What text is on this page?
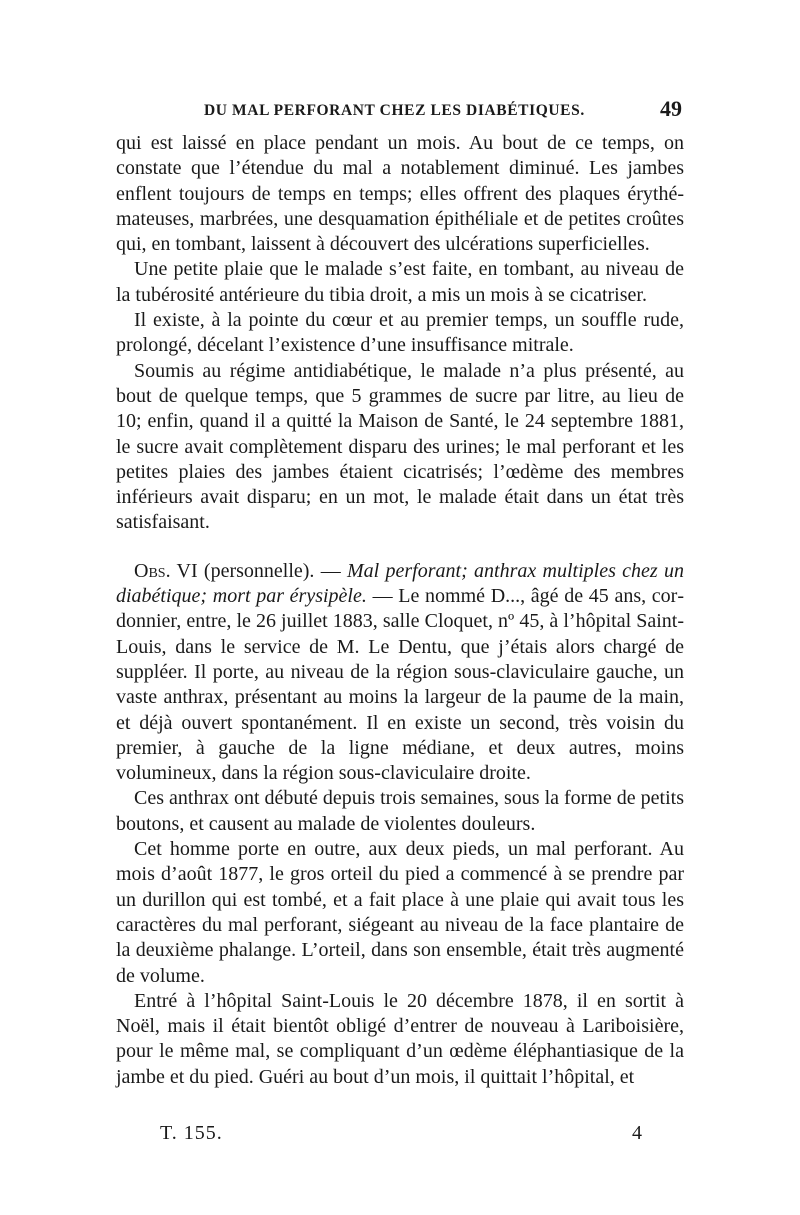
DU MAL PERFORANT CHEZ LES DIABÉTIQUES.	49

qui est laissé en place pendant un mois. Au bout de ce temps, on constate que l’étendue du mal a notablement diminué. Les jambes enflent toujours de temps en temps; elles offrent des plaques érythémateuses, marbrées, une desquamation épithéliale et de petites croûtes qui, en tombant, laissent à découvert des ulcérations superficielles.

Une petite plaie que le malade s’est faite, en tombant, au niveau de la tubérosité antérieure du tibia droit, a mis un mois à se cicatriser.

Il existe, à la pointe du cœur et au premier temps, un souffle rude, prolongé, décelant l’existence d’une insuffisance mitrale.

Soumis au régime antidiabétique, le malade n’a plus présenté, au bout de quelque temps, que 5 grammes de sucre par litre, au lieu de 10; enfin, quand il a quitté la Maison de Santé, le 24 septembre 1881, le sucre avait complètement disparu des urines; le mal perforant et les petites plaies des jambes étaient cicatrisés; l’œdème des membres inférieurs avait disparu; en un mot, le malade était dans un état très satisfaisant.

Obs. VI (personnelle). — Mal perforant; anthrax multiples chez un diabétique; mort par érysipèle. — Le nommé D..., âgé de 45 ans, cordonnier, entre, le 26 juillet 1883, salle Cloquet, nº 45, à l’hôpital Saint-Louis, dans le service de M. Le Dentu, que j’étais alors chargé de suppléer. Il porte, au niveau de la région sous-claviculaire gauche, un vaste anthrax, présentant au moins la largeur de la paume de la main, et déjà ouvert spontanément. Il en existe un second, très voisin du premier, à gauche de la ligne médiane, et deux autres, moins volumineux, dans la région sous-claviculaire droite.

Ces anthrax ont débuté depuis trois semaines, sous la forme de petits boutons, et causent au malade de violentes douleurs.

Cet homme porte en outre, aux deux pieds, un mal perforant. Au mois d’août 1877, le gros orteil du pied a commencé à se prendre par un durillon qui est tombé, et a fait place à une plaie qui avait tous les caractères du mal perforant, siégeant au niveau de la face plantaire de la deuxième phalange. L’orteil, dans son ensemble, était très augmenté de volume.

Entré à l’hôpital Saint-Louis le 20 décembre 1878, il en sortit à Noël, mais il était bientôt obligé d’entrer de nouveau à Lariboisière, pour le même mal, se compliquant d’un œdème éléphantiasique de la jambe et du pied. Guéri au bout d’un mois, il quittait l’hôpital, et

T. 155.	4
